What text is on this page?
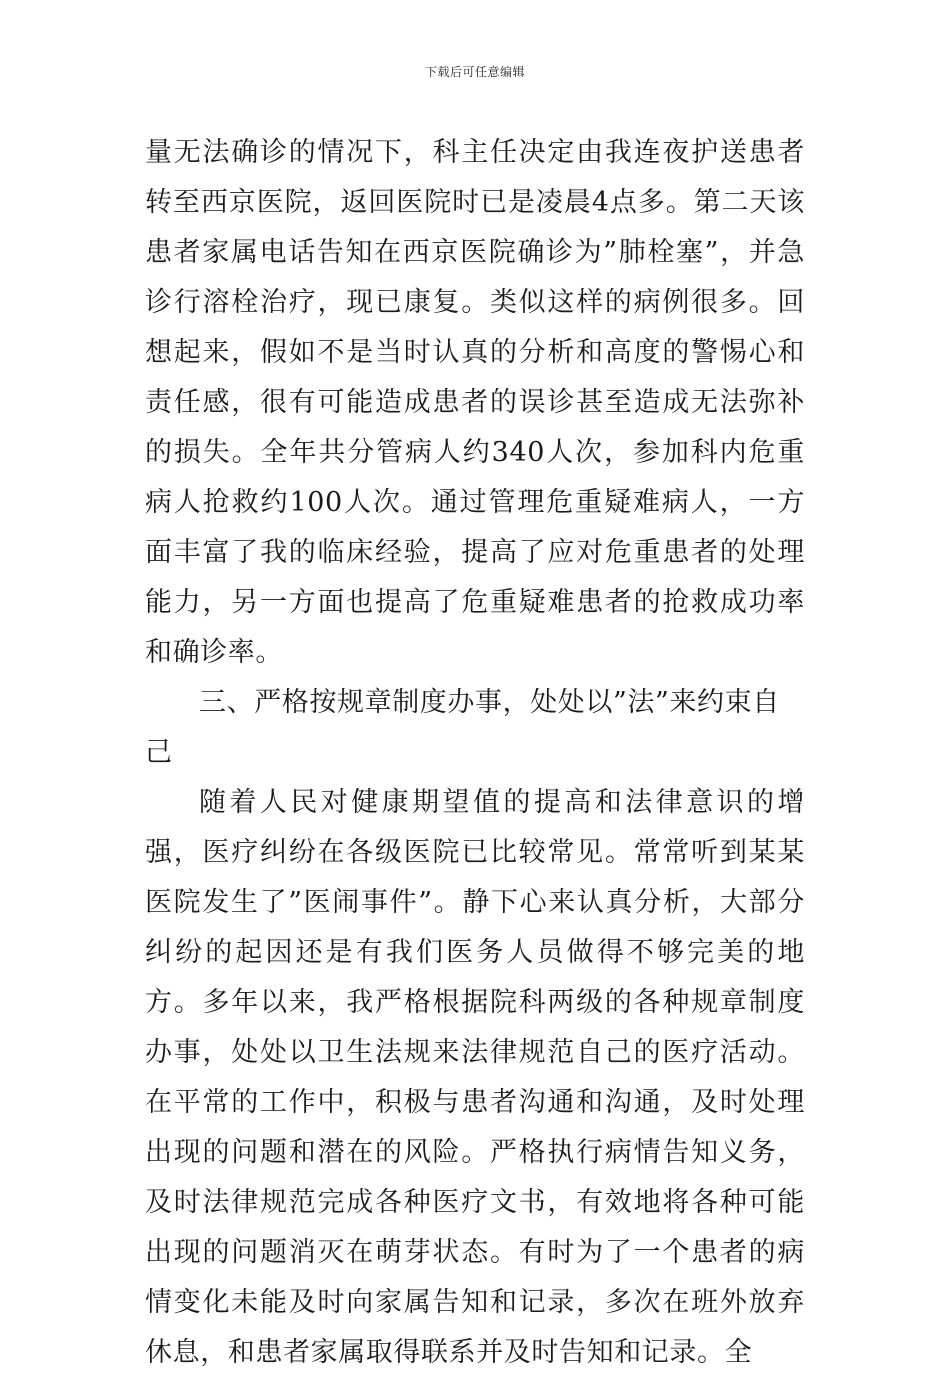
下载后可任意编辑

量无法确诊的情况下，科主任决定由我连夜护送患者转至西京医院，返回医院时已是凌晨4点多。第二天该患者家属电话告知在西京医院确诊为”肺栓塞”，并急诊行溶栓治疗，现已康复。类似这样的病例很多。回想起来，假如不是当时认真的分析和高度的警惕心和责任感，很有可能造成患者的误诊甚至造成无法弥补的损失。全年共分管病人约340人次，参加科内危重病人抢救约100人次。通过管理危重疑难病人，一方面丰富了我的临床经验，提高了应对危重患者的处理能力，另一方面也提高了危重疑难患者的抢救成功率和确诊率。

三、严格按规章制度办事，处处以”法”来约束自己

随着人民对健康期望值的提高和法律意识的增强，医疗纠纷在各级医院已比较常见。常常听到某某医院发生了”医闹事件”。静下心来认真分析，大部分纠纷的起因还是有我们医务人员做得不够完美的地方。多年以来，我严格根据院科两级的各种规章制度办事，处处以卫生法规来法律规范自己的医疗活动。在平常的工作中，积极与患者沟通和沟通，及时处理出现的问题和潜在的风险。严格执行病情告知义务，及时法律规范完成各种医疗文书，有效地将各种可能出现的问题消灭在萌芽状态。有时为了一个患者的病情变化未能及时向家属告知和记录，多次在班外放弃休息，和患者家属取得联系并及时告知和记录。全
